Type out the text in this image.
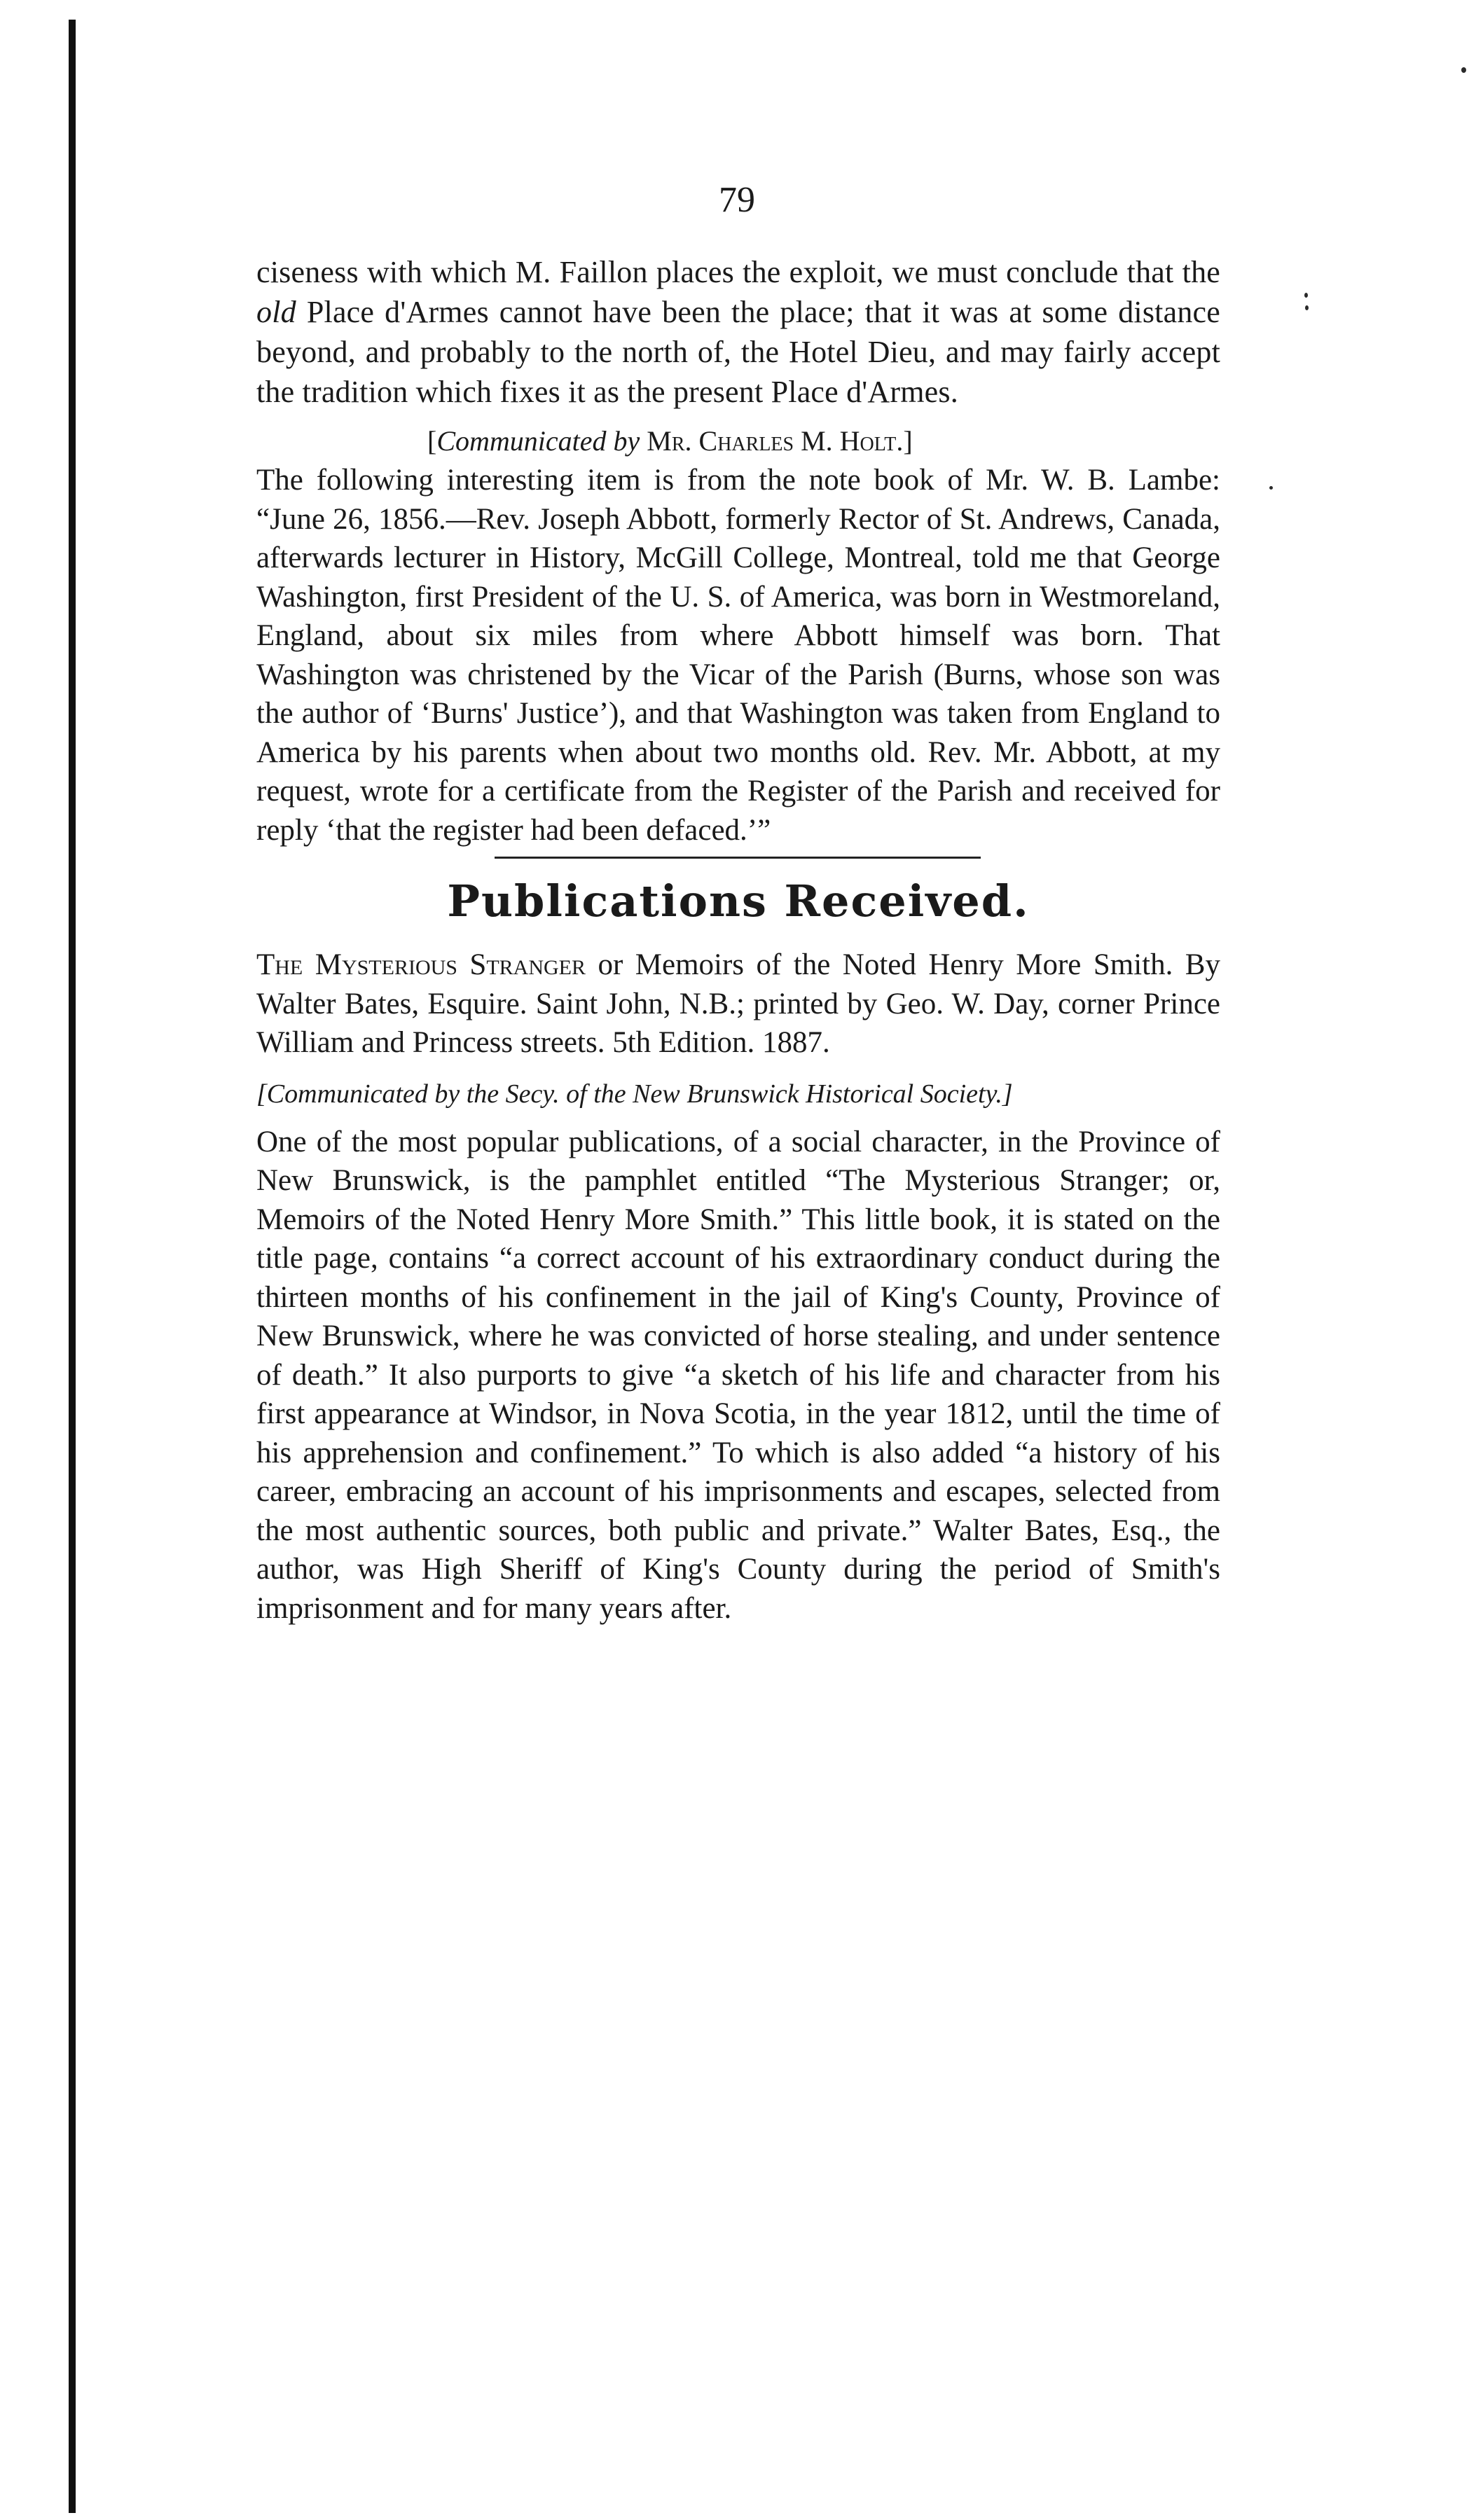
79

ciseness with which M. Faillon places the exploit, we must conclude that the old Place d'Armes cannot have been the place; that it was at some distance beyond, and probably to the north of, the Hotel Dieu, and may fairly accept the tradition which fixes it as the present Place d'Armes.

[Communicated by Mr. Charles M. Holt.]

The following interesting item is from the note book of Mr. W. B. Lambe: “June 26, 1856.—Rev. Joseph Abbott, formerly Rector of St. Andrews, Canada, afterwards lecturer in History, McGill College, Montreal, told me that George Washington, first President of the U. S. of America, was born in Westmoreland, England, about six miles from where Abbott himself was born. That Washington was christened by the Vicar of the Parish (Burns, whose son was the author of ‘Burns' Justice’), and that Washington was taken from England to America by his parents when about two months old. Rev. Mr. Abbott, at my request, wrote for a certificate from the Register of the Parish and received for reply ‘that the register had been defaced.’”

Publications Received.

The Mysterious Stranger or Memoirs of the Noted Henry More Smith. By Walter Bates, Esquire. Saint John, N.B.; printed by Geo. W. Day, corner Prince William and Princess streets. 5th Edition. 1887.

[Communicated by the Secy. of the New Brunswick Historical Society.]

One of the most popular publications, of a social character, in the Province of New Brunswick, is the pamphlet entitled “The Mysterious Stranger; or, Memoirs of the Noted Henry More Smith.” This little book, it is stated on the title page, contains “a correct account of his extraordinary conduct during the thirteen months of his confinement in the jail of King's County, Province of New Brunswick, where he was convicted of horse stealing, and under sentence of death.” It also purports to give “a sketch of his life and character from his first appearance at Windsor, in Nova Scotia, in the year 1812, until the time of his apprehension and confinement.” To which is also added “a history of his career, embracing an account of his imprisonments and escapes, selected from the most authentic sources, both public and private.” Walter Bates, Esq., the author, was High Sheriff of King's County during the period of Smith's imprisonment and for many years after.
